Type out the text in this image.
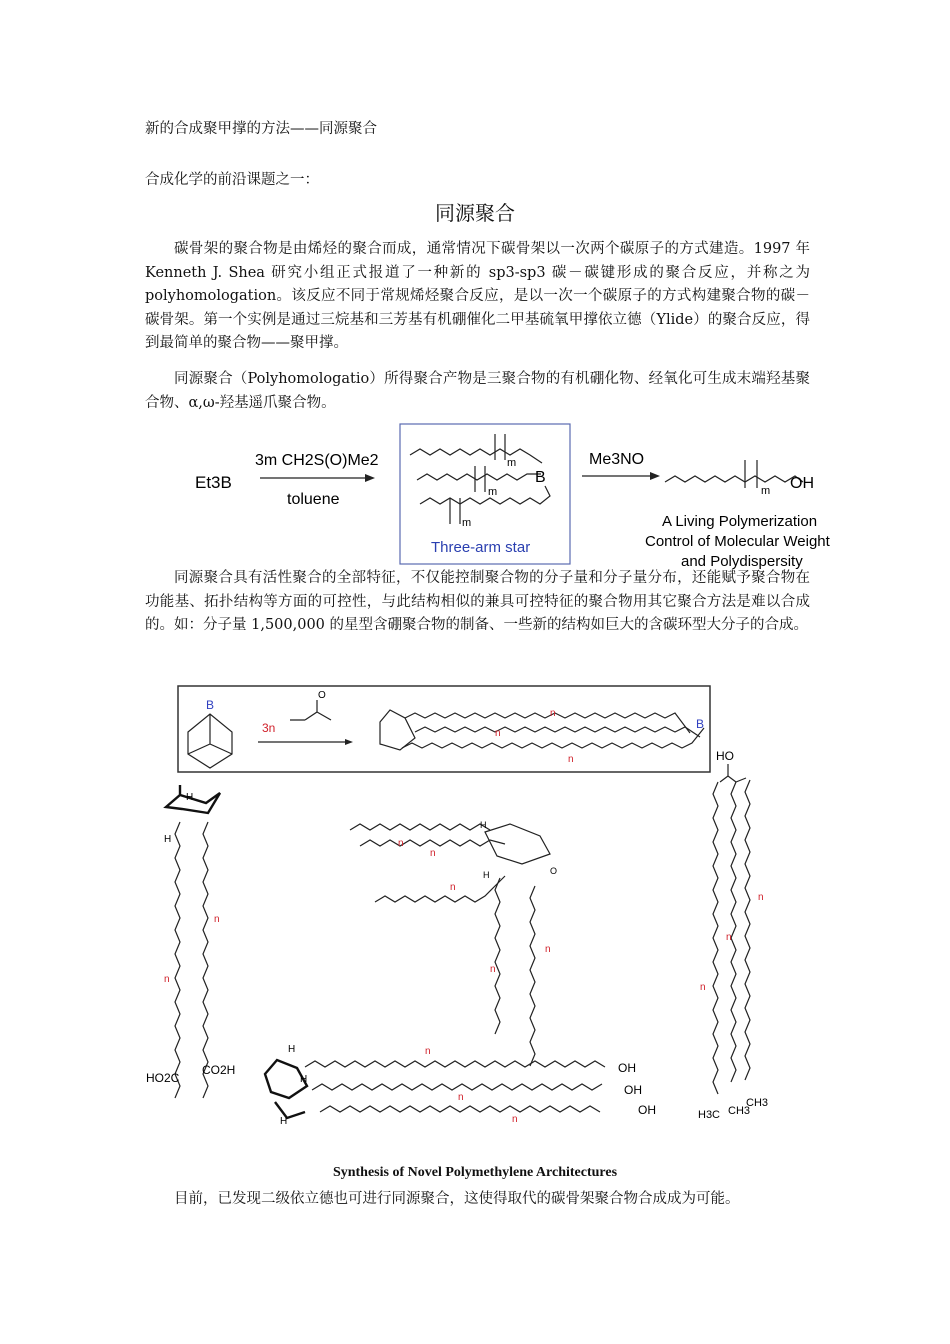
新的合成聚甲撑的方法——同源聚合
合成化学的前沿课题之一：
同源聚合
碳骨架的聚合物是由烯烃的聚合而成，通常情况下碳骨架以一次两个碳原子的方式建造。1997 年 Kenneth J. Shea 研究小组正式报道了一种新的 sp3-sp3 碳－碳键形成的聚合反应，并称之为 polyhomologation。该反应不同于常规烯烃聚合反应，是以一次一个碳原子的方式构建聚合物的碳－碳骨架。第一个实例是通过三烷基和三芳基有机硼催化二甲基硫氧甲撑依立德（Ylide）的聚合反应，得到最简单的聚合物——聚甲撑。
同源聚合（Polyhomologatio）所得聚合产物是三聚合物的有机硼化物、经氧化可生成末端羟基聚合物、α,ω-羟基遥爪聚合物。
Et3B
3m CH2S(O)Me2
toluene
m
m
B
m
Three-arm star
Me3NO
m OH
A Living Polymerization
Control of Molecular Weight
and Polydispersity
同源聚合具有活性聚合的全部特征，不仅能控制聚合物的分子量和分子量分布，还能赋予聚合物在功能基、拓扑结构等方面的可控性，与此结构相似的兼具可控特征的聚合物用其它聚合方法是难以合成的。如：分子量 1,500,000 的星型含硼聚合物的制备、一些新的结构如巨大的含碳环型大分子的合成。
B
3n
O
B
n
n
n
H
H
n
n
HO2C
CO2H
H
H	O
n
n
n
n
n
H
H
H
n
n
n
OH
OH
OH
HO
n
n
n
H3C CH3
CH3
Synthesis of Novel Polymethylene Architectures
目前，已发现二级依立德也可进行同源聚合，这使得取代的碳骨架聚合物合成成为可能。
